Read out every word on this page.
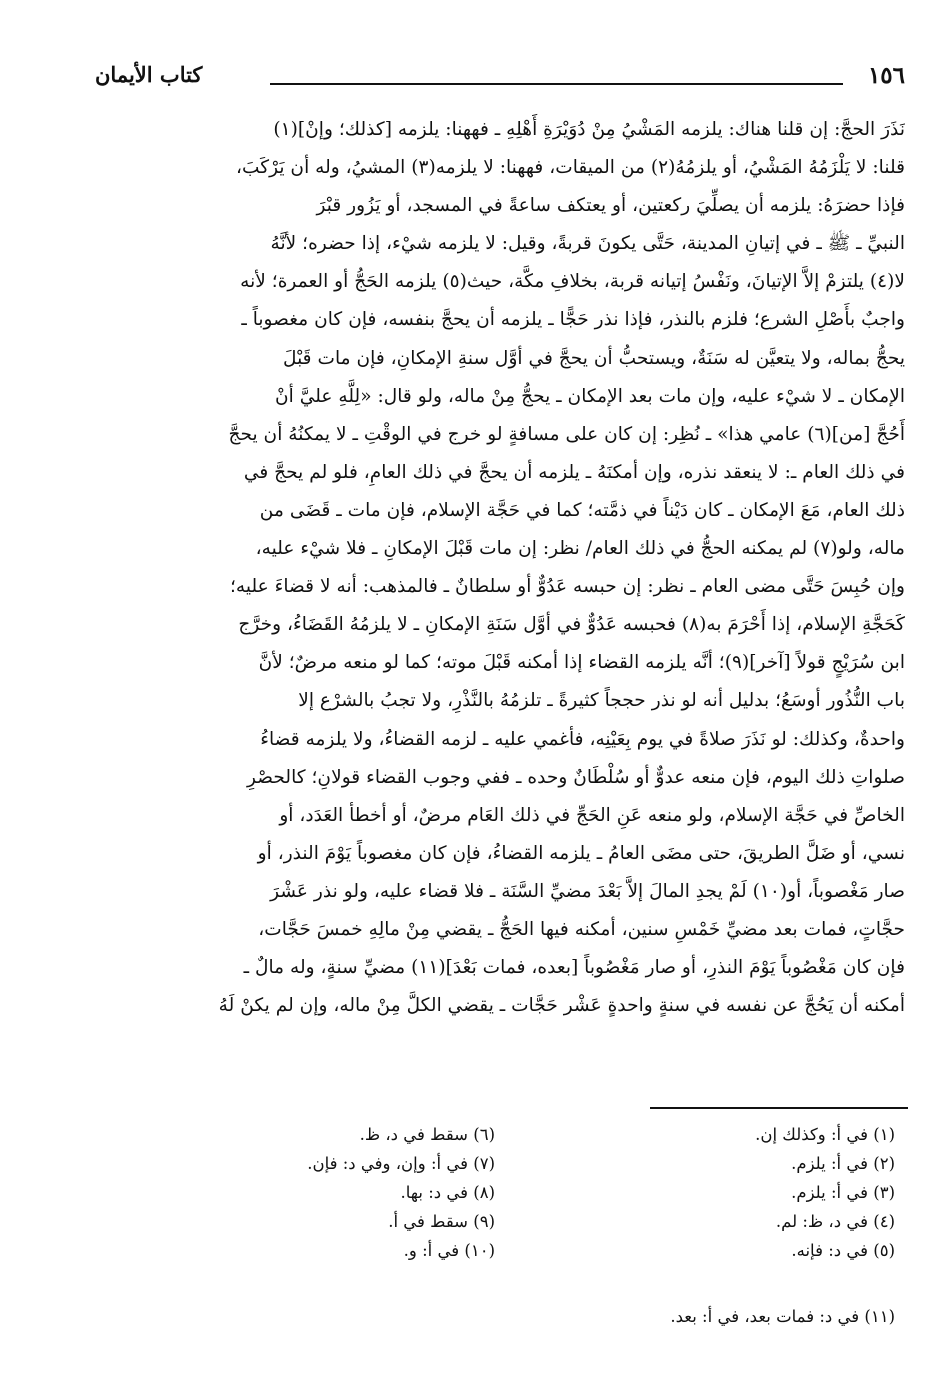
١٥٦
كتاب الأيمان
نَذَرَ الحجَّ: إن قلنا هناك: يلزمه المَشْيُ مِنْ دُوَيْرَةِ أَهْلِهِ ـ فههنا: يلزمه [كذلك؛ وإنْ](١)
قلنا: لا يَلْزَمُهُ المَشْيُ، أو يلزمُهُ(٢) من الميقات، فههنا: لا يلزمه(٣) المشيُ، وله أن يَرْكَبَ،
فإذا حضرَهُ: يلزمه أن يصلِّيَ ركعتين، أو يعتكف ساعةً في المسجد، أو يَزُور قبْرَ
النبيِّ ـ ﷺ ـ في إتيانِ المدينة، حَتَّى يكونَ قربةً، وقيل: لا يلزمه شيْء، إذا حضره؛ لأنَّهُ
لا(٤) يلتزمْ إلاَّ الإتيانَ، ونَفْسُ إتيانه قربة، بخلافِ مكَّة، حيث(٥) يلزمه الحَجُّ أو العمرة؛ لأنه
واجبٌ بأَصْلِ الشرع؛ فلزم بالنذر، فإذا نذر حَجًّا ـ يلزمه أن يحجَّ بنفسه، فإن كان مغصوباً ـ
يحجُّ بماله، ولا يتعيَّن له سَنَةٌ، ويستحبُّ أن يحجَّ في أوَّل سنةِ الإمكانِ، فإن مات قَبْلَ
الإمكان ـ لا شيْء عليه، وإن مات بعد الإمكان ـ يحجُّ مِنْ ماله، ولو قال: «لِلَّهِ عليَّ أنْ
أَحُجَّ [من](٦) عامي هذا» ـ نُظِر: إن كان على مسافةٍ لو خرج في الوقْتِ ـ لا يمكنُهُ أن يحجَّ
في ذلك العام ـ: لا ينعقد نذره، وإن أمكنَهُ ـ يلزمه أن يحجَّ في ذلك العامِ، فلو لم يحجَّ في
ذلك العام، مَعَ الإمكان ـ كان دَيْناً في ذمَّته؛ كما في حَجَّة الإسلام، فإن مات ـ قَضَى من
ماله، ولو(٧) لم يمكنه الحجُّ في ذلك العام/ نظر: إن مات قَبْلَ الإمكانِ ـ فلا شيْء عليه،
وإن حُبِسَ حَتَّى مضى العام ـ نظر: إن حبسه عَدُوٌّ أو سلطانٌ ـ فالمذهب: أنه لا قضاءَ عليه؛
كَحَجَّةِ الإسلام، إذا أَحْرَمَ به(٨) فحبسه عَدُوٌّ في أوَّل سَنَةِ الإمكانِ ـ لا يلزمُهُ القَضَاءُ، وخرَّج
ابن سُرَيْجٍ قولاً [آخر](٩)؛ أنَّه يلزمه القضاء إذا أمكنه قَبْلَ موته؛ كما لو منعه مرضٌ؛ لأنَّ
باب النُّذُور أوسَعُ؛ بدليل أنه لو نذر حججاً كثيرةً ـ تلزمُهُ بالنَّذْرِ، ولا تجبُ بالشرْع إلا
واحدةٌ، وكذلك: لو نَذَرَ صلاةً في يوم بِعَيْنِه، فأغمي عليه ـ لزمه القضاءُ، ولا يلزمه قضاءُ
صلواتِ ذلك اليوم، فإن منعه عدوٌّ أو سُلْطَانٌ وحده ـ ففي وجوب القضاء قولانِ؛ كالحصْرِ
الخاصِّ في حَجَّة الإسلام، ولو منعه عَنِ الحَجِّ في ذلك العَام مرضٌ، أو أخطأ العَدَد، أو
نسي، أو ضَلَّ الطريقَ، حتى مضَى العامُ ـ يلزمه القضاءُ، فإن كان مغصوباً يَوْمَ النذر، أو
صار مَغْصوباً، أو(١٠) لَمْ يجدِ المالَ إلاَّ بَعْدَ مضيِّ السَّنَة ـ فلا قضاء عليه، ولو نذر عَشْرَ
حجَّاتٍ، فمات بعد مضيِّ خَمْسِ سنين، أمكنه فيها الحَجُّ ـ يقضي مِنْ مالِهِ خمسَ حَجَّات،
فإن كان مَغْصُوباً يَوْمَ النذرِ، أو صار مَغْصُوباً [بعده، فمات بَعْدَ](١١) مضيِّ سنةٍ، وله مالٌ ـ
أمكنه أن يَحُجَّ عن نفسه في سنةٍ واحدةٍ عَشْر حَجَّات ـ يقضي الكلَّ مِنْ ماله، وإن لم يكنْ لَهُ
(١) في أ: وكذلك إن.
(٢) في أ: يلزم.
(٣) في أ: يلزم.
(٤) في د، ظ: لم.
(٥) في د: فإنه.
(٦) سقط في د، ظ.
(٧) في أ: وإن، وفي د: فإن.
(٨) في د: بها.
(٩) سقط في أ.
(١٠) في أ: و.
(١١) في د: فمات بعد، في أ: بعد.
